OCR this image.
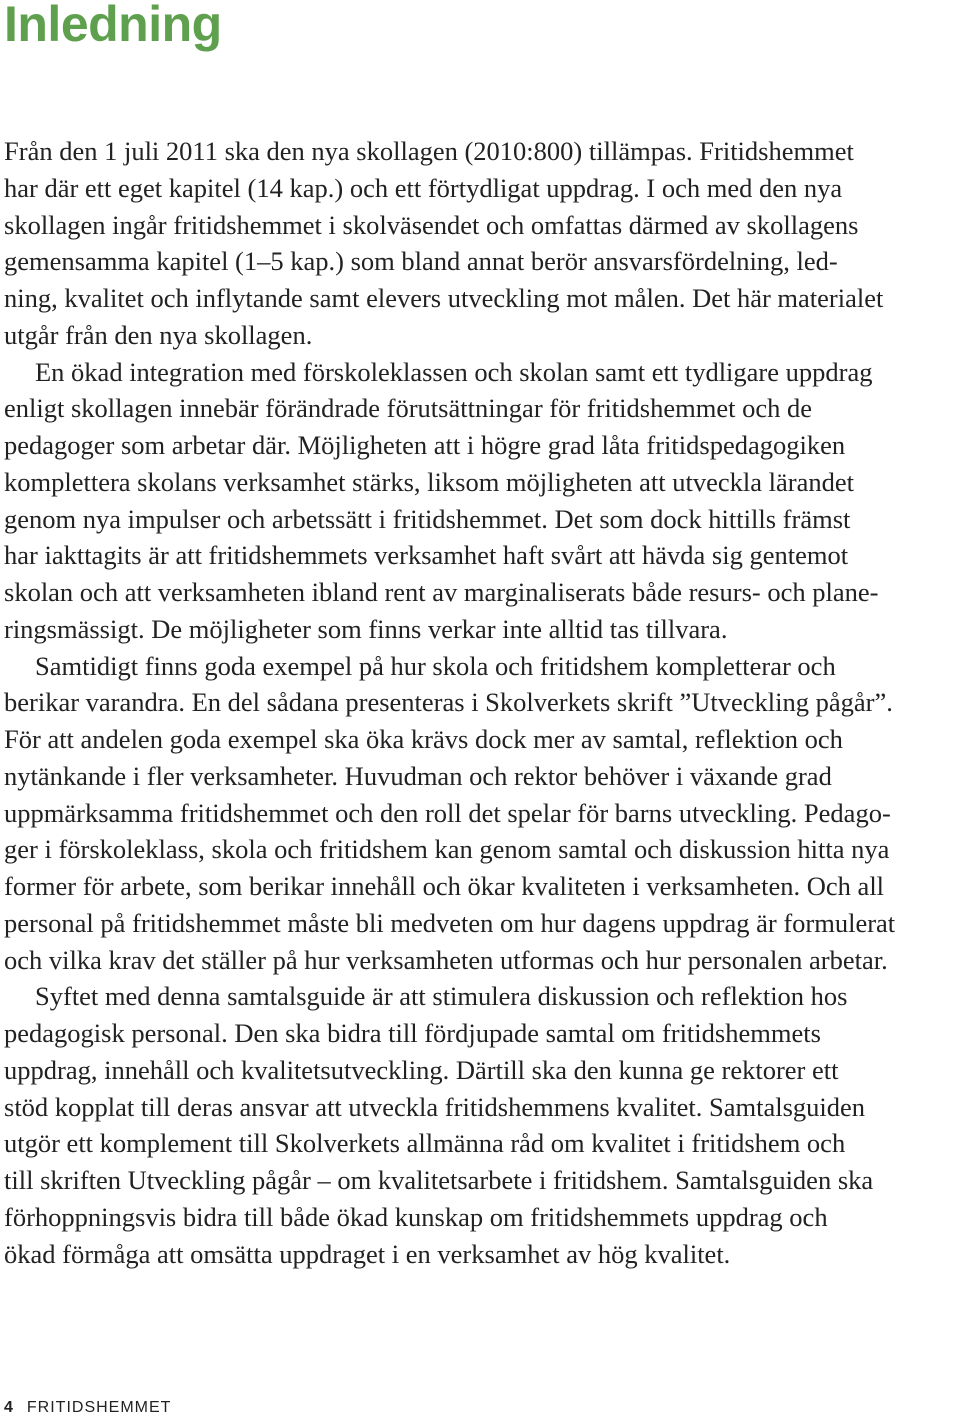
Inledning
Från den 1 juli 2011 ska den nya skollagen (2010:800) tillämpas. Fritidshemmet
har där ett eget kapitel (14 kap.) och ett förtydligat uppdrag. I och med den nya
skollagen ingår fritidshemmet i skolväsendet och omfattas därmed av skollagens
gemensamma kapitel (1–5 kap.) som bland annat berör ansvarsfördelning, led-
ning, kvalitet och inflytande samt elevers utveckling mot målen. Det här materialet
utgår från den nya skollagen.
En ökad integration med förskoleklassen och skolan samt ett tydligare uppdrag
enligt skollagen innebär förändrade förutsättningar för fritidshemmet och de
pedagoger som arbetar där. Möjligheten att i högre grad låta fritidspedagogiken
komplettera skolans verksamhet stärks, liksom möjligheten att utveckla lärandet
genom nya impulser och arbetssätt i fritidshemmet. Det som dock hittills främst
har iakttagits är att fritidshemmets verksamhet haft svårt att hävda sig gentemot
skolan och att verksamheten ibland rent av marginaliserats både resurs- och plane-
ringsmässigt. De möjligheter som finns verkar inte alltid tas tillvara.
Samtidigt finns goda exempel på hur skola och fritidshem kompletterar och
berikar varandra. En del sådana presenteras i Skolverkets skrift ”Utveckling pågår”.
För att andelen goda exempel ska öka krävs dock mer av samtal, reflektion och
nytänkande i fler verksamheter. Huvudman och rektor behöver i växande grad
uppmärksamma fritidshemmet och den roll det spelar för barns utveckling. Pedago-
ger i förskoleklass, skola och fritidshem kan genom samtal och diskussion hitta nya
former för arbete, som berikar innehåll och ökar kvaliteten i verksamheten. Och all
personal på fritidshemmet måste bli medveten om hur dagens uppdrag är formulerat
och vilka krav det ställer på hur verksamheten utformas och hur personalen arbetar.
Syftet med denna samtalsguide är att stimulera diskussion och reflektion hos
pedagogisk personal. Den ska bidra till fördjupade samtal om fritidshemmets
uppdrag, innehåll och kvalitetsutveckling. Därtill ska den kunna ge rektorer ett
stöd kopplat till deras ansvar att utveckla fritidshemmens kvalitet. Samtalsguiden
utgör ett komplement till Skolverkets allmänna råd om kvalitet i fritidshem och
till skriften Utveckling pågår – om kvalitetsarbete i fritidshem. Samtalsguiden ska
förhoppningsvis bidra till både ökad kunskap om fritidshemmets uppdrag och
ökad förmåga att omsätta uppdraget i en verksamhet av hög kvalitet.
4 FRITIDSHEMMET
